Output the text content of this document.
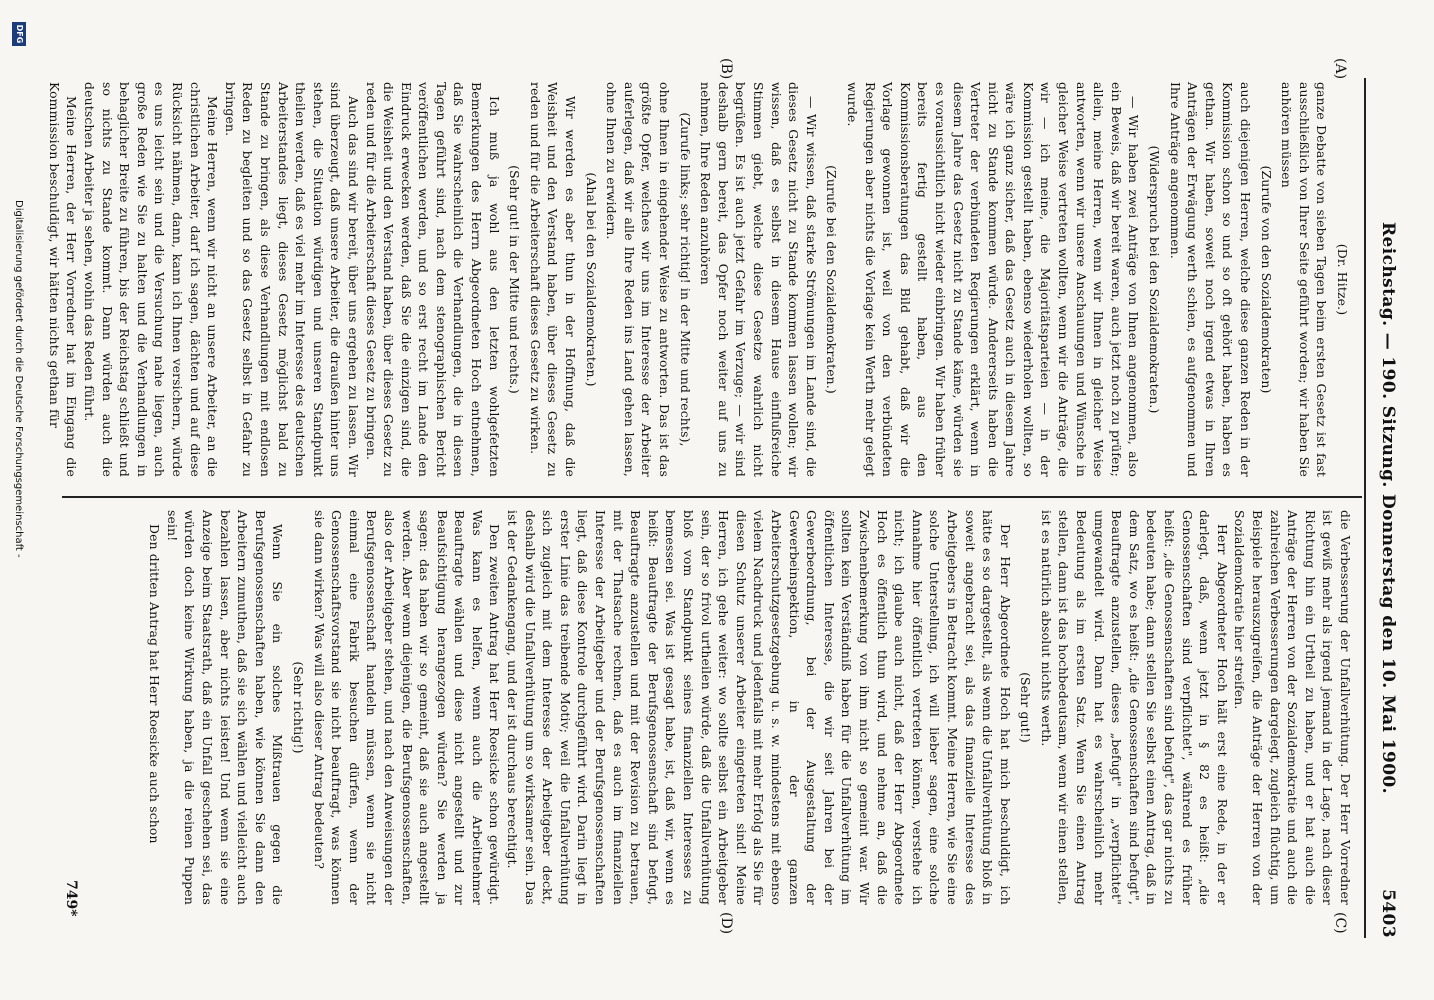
Reichstag. — 190. Sitzung. Donnerstag den 10. Mai 1900.
5403
(A)
(B)
(C)
(D)

(Dr. Hitze.)

ganze Debatte von sieben Tagen beim ersten Gesetz ist fast ausschließlich von Ihrer Seite geführt worden; wir haben Sie anhören müssen

(Zurufe von den Sozialdemokraten)

auch diejenigen Herren, welche diese ganzen Reden in der Kommission schon so und so oft gehört haben, haben es gethan. Wir haben, soweit noch irgend etwas in Ihren Anträgen der Erwägung werth schien, es aufgenommen und Ihre Anträge angenommen.

(Widerspruch bei den Sozialdemokraten.)

— Wir haben zwei Anträge von Ihnen angenommen, also ein Beweis, daß wir bereit waren, auch jetzt noch zu prüfen; allein, meine Herren, wenn wir Ihnen in gleicher Weise antworten, wenn wir unsere Anschauungen und Wünsche in gleicher Weise vertreten wollten, wenn wir die Anträge, die wir — ich meine, die Majoritätsparteien — in der Kommission gestellt haben, ebenso wiederholen wollten, so wäre ich ganz sicher, daß das Gesetz auch in diesem Jahre nicht zu Stande kommen würde. Andererseits haben die Vertreter der verbündeten Regierungen erklärt, wenn in diesem Jahre das Gesetz nicht zu Stande käme, würden sie es voraussichtlich nicht wieder einbringen. Wir haben früher bereits fertig gestellt haben, aus den Kommissionsberatungen das Bild gehabt, daß wir die Vorlage gewonnen ist, weil von den verbündeten Regierungen aber nichts die Vorlage kein Werth mehr gelegt wurde.

(Zurufe bei den Sozialdemokraten.)

— Wir wissen, daß starke Strömungen im Lande sind, die dieses Gesetz nicht zu Stande kommen lassen wollen; wir wissen, daß es selbst in diesem Hause einflußreiche Stimmen giebt, welche diese Gesetze wahrlich nicht begrüßen. Es ist auch jetzt Gefahr im Verzuge; — wir sind deshalb gern bereit, das Opfer noch weiter auf uns zu nehmen, Ihre Reden anzuhören

(Zurufe links; sehr richtig! in der Mitte und rechts),

ohne Ihnen in eingehender Weise zu antworten. Das ist das größte Opfer, welches wir uns im Interesse der Arbeiter auferlegen, daß wir alle Ihre Reden ins Land gehen lassen, ohne Ihnen zu erwidern.

(Ahal bei den Sozialdemokraten.)

Wir werden es aber thun in der Hoffnung, daß die Weisheit und den Verstand haben, über dieses Gesetz zu reden und für die Arbeiterschaft dieses Gesetz zu wirken.

(Sehr gut! in der Mitte und rechts.)

Ich muß ja wohl aus den letzten wohlgefetzten Bemerkungen des Herrn Abgeordneten Hoch entnehmen, daß Sie wahrscheinlich die Verhandlungen, die in diesen Tagen geführt sind, nach dem stenographischen Bericht veröffentlichen werden, und so erst recht im Lande den Eindruck erwecken werden, daß Sie die einzigen sind, die die Weisheit und den Verstand haben, über dieses Gesetz zu reden und für die Arbeiterschaft dieses Gesetz zu bringen.

Auch das sind wir bereit, über uns ergehen zu lassen. Wir sind überzeugt, daß unsere Arbeiter, die draußen hinter uns stehen, die Situation würdigen und unseren Standpunkt theilen werden, daß es viel mehr im Interesse des deutschen Arbeiterstandes liegt, dieses Gesetz möglichst bald zu Stande zu bringen, als diese Verhandlungen mit endlosen Reden zu begleiten und so das Gesetz selbst in Gefahr zu bringen.

Meine Herren, wenn wir nicht an unsere Arbeiter, an die christlichen Arbeiter, darf ich sagen, dächten und auf diese Rücksicht nähmen, dann, kann ich Ihnen versichern, würde es uns leicht sein und die Versuchung nahe liegen, auch große Reden wie Sie zu halten und die Verhandlungen in behaglicher Breite zu führen, bis der Reichstag schließt und so nichts zu Stande kommt. Dann würden auch die deutschen Arbeiter ja sehen, wohin das Reden führt.

Meine Herren, der Herr Vorredner hat im Eingang die Kommission beschuldigt, wir hätten nichts gethan für

die Verbesserung der Unfallverhütung. Der Herr Vorredner ist gewiß mehr als irgend jemand in der Lage, nach dieser Richtung hin ein Urtheil zu haben, und er hat auch die Anträge der Herren von der Sozialdemokratie und auch die zahlreichen Verbesserungen dargelegt, zugleich flüchtig, um Beispiele herauszugreifen, die Anträge der Herren von der Sozialdemokratie hier streifen.

Herr Abgeordneter Hoch hält erst eine Rede, in der er darlegt, daß, wenn jetzt in § 82 es heißt: „die Genossenschaften sind verpflichtet", während es früher heißt: „die Genossenschaften sind befugt", das gar nichts zu bedeuten habe; dann stellen Sie selbst einen Antrag, daß in dem Satz, wo es heißt: „die Genossenschaften sind befugt", Beauftragte anzustellen, dieses „befugt" in „verpflichtet" umgewandelt wird. Dann hat es wahrscheinlich mehr Bedeutung als im ersten Satz. Wenn Sie einen Antrag stellen, dann ist das hochbedeutsam, wenn wir einen stellen, ist es natürlich absolut nichts werth.

(Sehr gut!)

Der Herr Abgeordnete Hoch hat mich beschuldigt, ich hätte es so dargestellt, als wenn die Unfallverhütung bloß in soweit angebracht sei, als das finanzielle Interesse des Arbeitgebers in Betracht kommt. Meine Herren, wie Sie eine solche Unterstellung, ich will lieber sagen, eine solche Annahme hier öffentlich vertreten können, verstehe ich nicht; ich glaube auch nicht, daß der Herr Abgeordnete Hoch es öffentlich thun wird, und nehme an, daß die Zwischenbemerkung von ihm nicht so gemeint war. Wir sollten kein Verständniß haben für die Unfallverhütung im öffentlichen Interesse, die wir seit Jahren bei der Gewerbeordnung, bei der Ausgestaltung der Gewerbeinspektion, in der ganzen Arbeiterschutzgesetzgebung u. s. w. mindestens mit ebenso vielem Nachdruck und jedenfalls mit mehr Erfolg als Sie für diesen Schutz unserer Arbeiter eingetreten sind! Meine Herren, ich gehe weiter: wo sollte selbst ein Arbeitgeber sein, der so frivol urtheilen würde, daß die Unfallverhütung bloß vom Standpunkt seines finanziellen Interesses zu bemessen sei. Was ist gesagt habe, ist, daß wir, wenn es heißt: Beauftragte der Berufsgenossenschaft sind befugt, Beauftragte anzustellen und mit der Revision zu betrauen, mit der Thatsache rechnen, daß es auch im finanziellen Interesse der Arbeitgeber und der Berufsgenossenschaften liegt, daß diese Kontrole durchgeführt wird. Darin liegt in erster Linie das treibende Motiv; weil die Unfallverhütung sich zugleich mit dem Interesse der Arbeitgeber deckt, deshalb wird die Unfallverhütung um so wirksamer sein. Das ist der Gedankengang, und der ist durchaus berechtigt.

Den zweiten Antrag hat Herr Roesicke schon gewürdigt. Was kann es helfen, wenn auch die Arbeitnehmer Beauftragte wählen und diese nicht angestellt und zur Beaufsichtigung herangezogen würden? Sie werden ja sagen: das haben wir so gemeint, daß sie auch angestellt werden. Aber wenn diejenigen, die Berufsgenossenschaften, also der Arbeitgeber stehen, und nach den Anweisungen der Berufsgenossenschaft handeln müssen, wenn sie nicht einmal eine Fabrik besuchen dürfen, wenn der Genossenschaftsvorstand sie nicht beauftragt, was können sie dann wirken? Was will also dieser Antrag bedeuten?

(Sehr richtig!)

Wenn Sie ein solches Mißtrauen gegen die Berufsgenossenschaften haben, wie können Sie dann den Arbeitern zumuthen, daß sie sich wählen und vielleicht auch bezahlen lassen, aber nichts leisten! Und wenn sie eine Anzeige beim Staatsrath, daß ein Unfall geschehen sei, das würden doch keine Wirkung haben, ja die reinen Puppen sein!

Den dritten Antrag hat Herr Roesicke auch schon

749*
DFG
Digitalisierung gefördert durch die Deutsche Forschungsgemeinschaft -
